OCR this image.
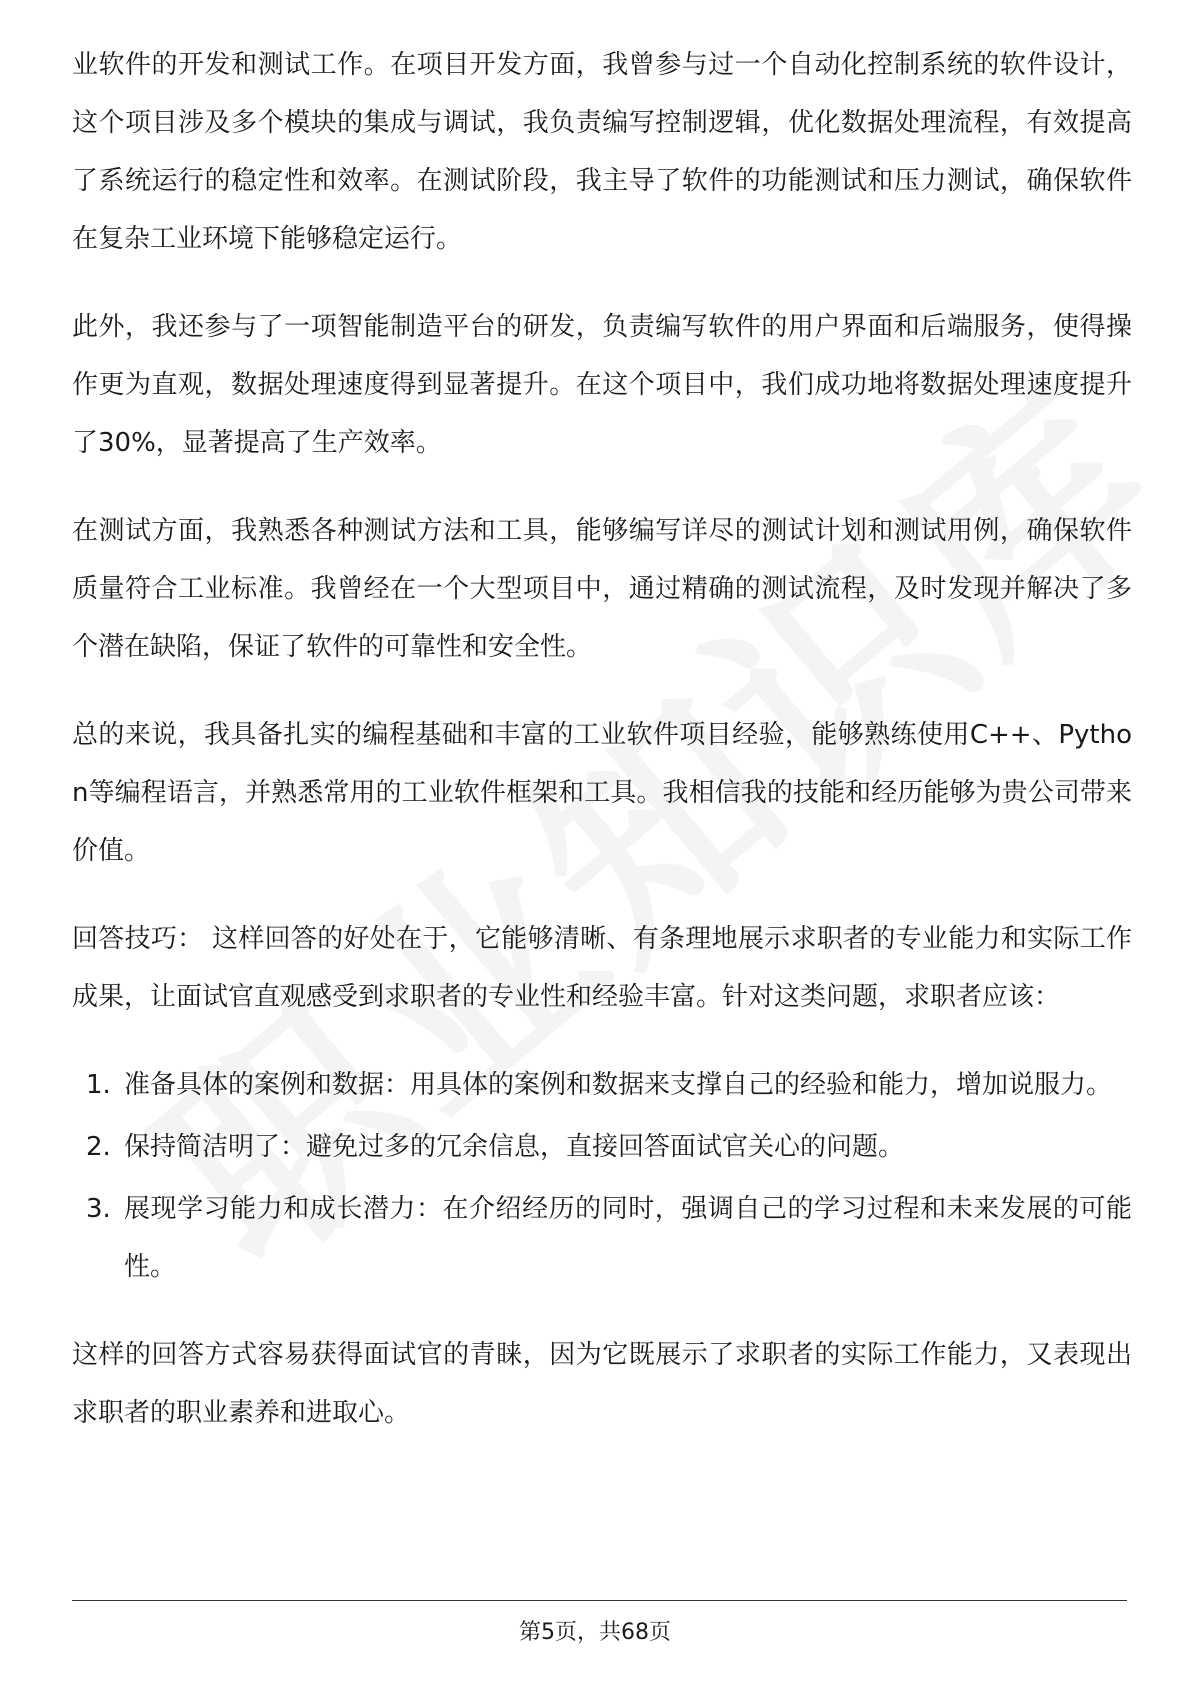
业软件的开发和测试工作。在项目开发方面，我曾参与过一个自动化控制系统的软件设计，这个项目涉及多个模块的集成与调试，我负责编写控制逻辑，优化数据处理流程，有效提高了系统运行的稳定性和效率。在测试阶段，我主导了软件的功能测试和压力测试，确保软件在复杂工业环境下能够稳定运行。

此外，我还参与了一项智能制造平台的研发，负责编写软件的用户界面和后端服务，使得操作更为直观，数据处理速度得到显著提升。在这个项目中，我们成功地将数据处理速度提升了30%，显著提高了生产效率。

在测试方面，我熟悉各种测试方法和工具，能够编写详尽的测试计划和测试用例，确保软件质量符合工业标准。我曾经在一个大型项目中，通过精确的测试流程，及时发现并解决了多个潜在缺陷，保证了软件的可靠性和安全性。

总的来说，我具备扎实的编程基础和丰富的工业软件项目经验，能够熟练使用C++、Python等编程语言，并熟悉常用的工业软件框架和工具。我相信我的技能和经历能够为贵公司带来价值。

回答技巧： 这样回答的好处在于，它能够清晰、有条理地展示求职者的专业能力和实际工作成果，让面试官直观感受到求职者的专业性和经验丰富。针对这类问题，求职者应该：

1. 准备具体的案例和数据：用具体的案例和数据来支撑自己的经验和能力，增加说服力。
2. 保持简洁明了：避免过多的冗余信息，直接回答面试官关心的问题。
3. 展现学习能力和成长潜力：在介绍经历的同时，强调自己的学习过程和未来发展的可能性。

这样的回答方式容易获得面试官的青睐，因为它既展示了求职者的实际工作能力，又表现出求职者的职业素养和进取心。

第5页，共68页
